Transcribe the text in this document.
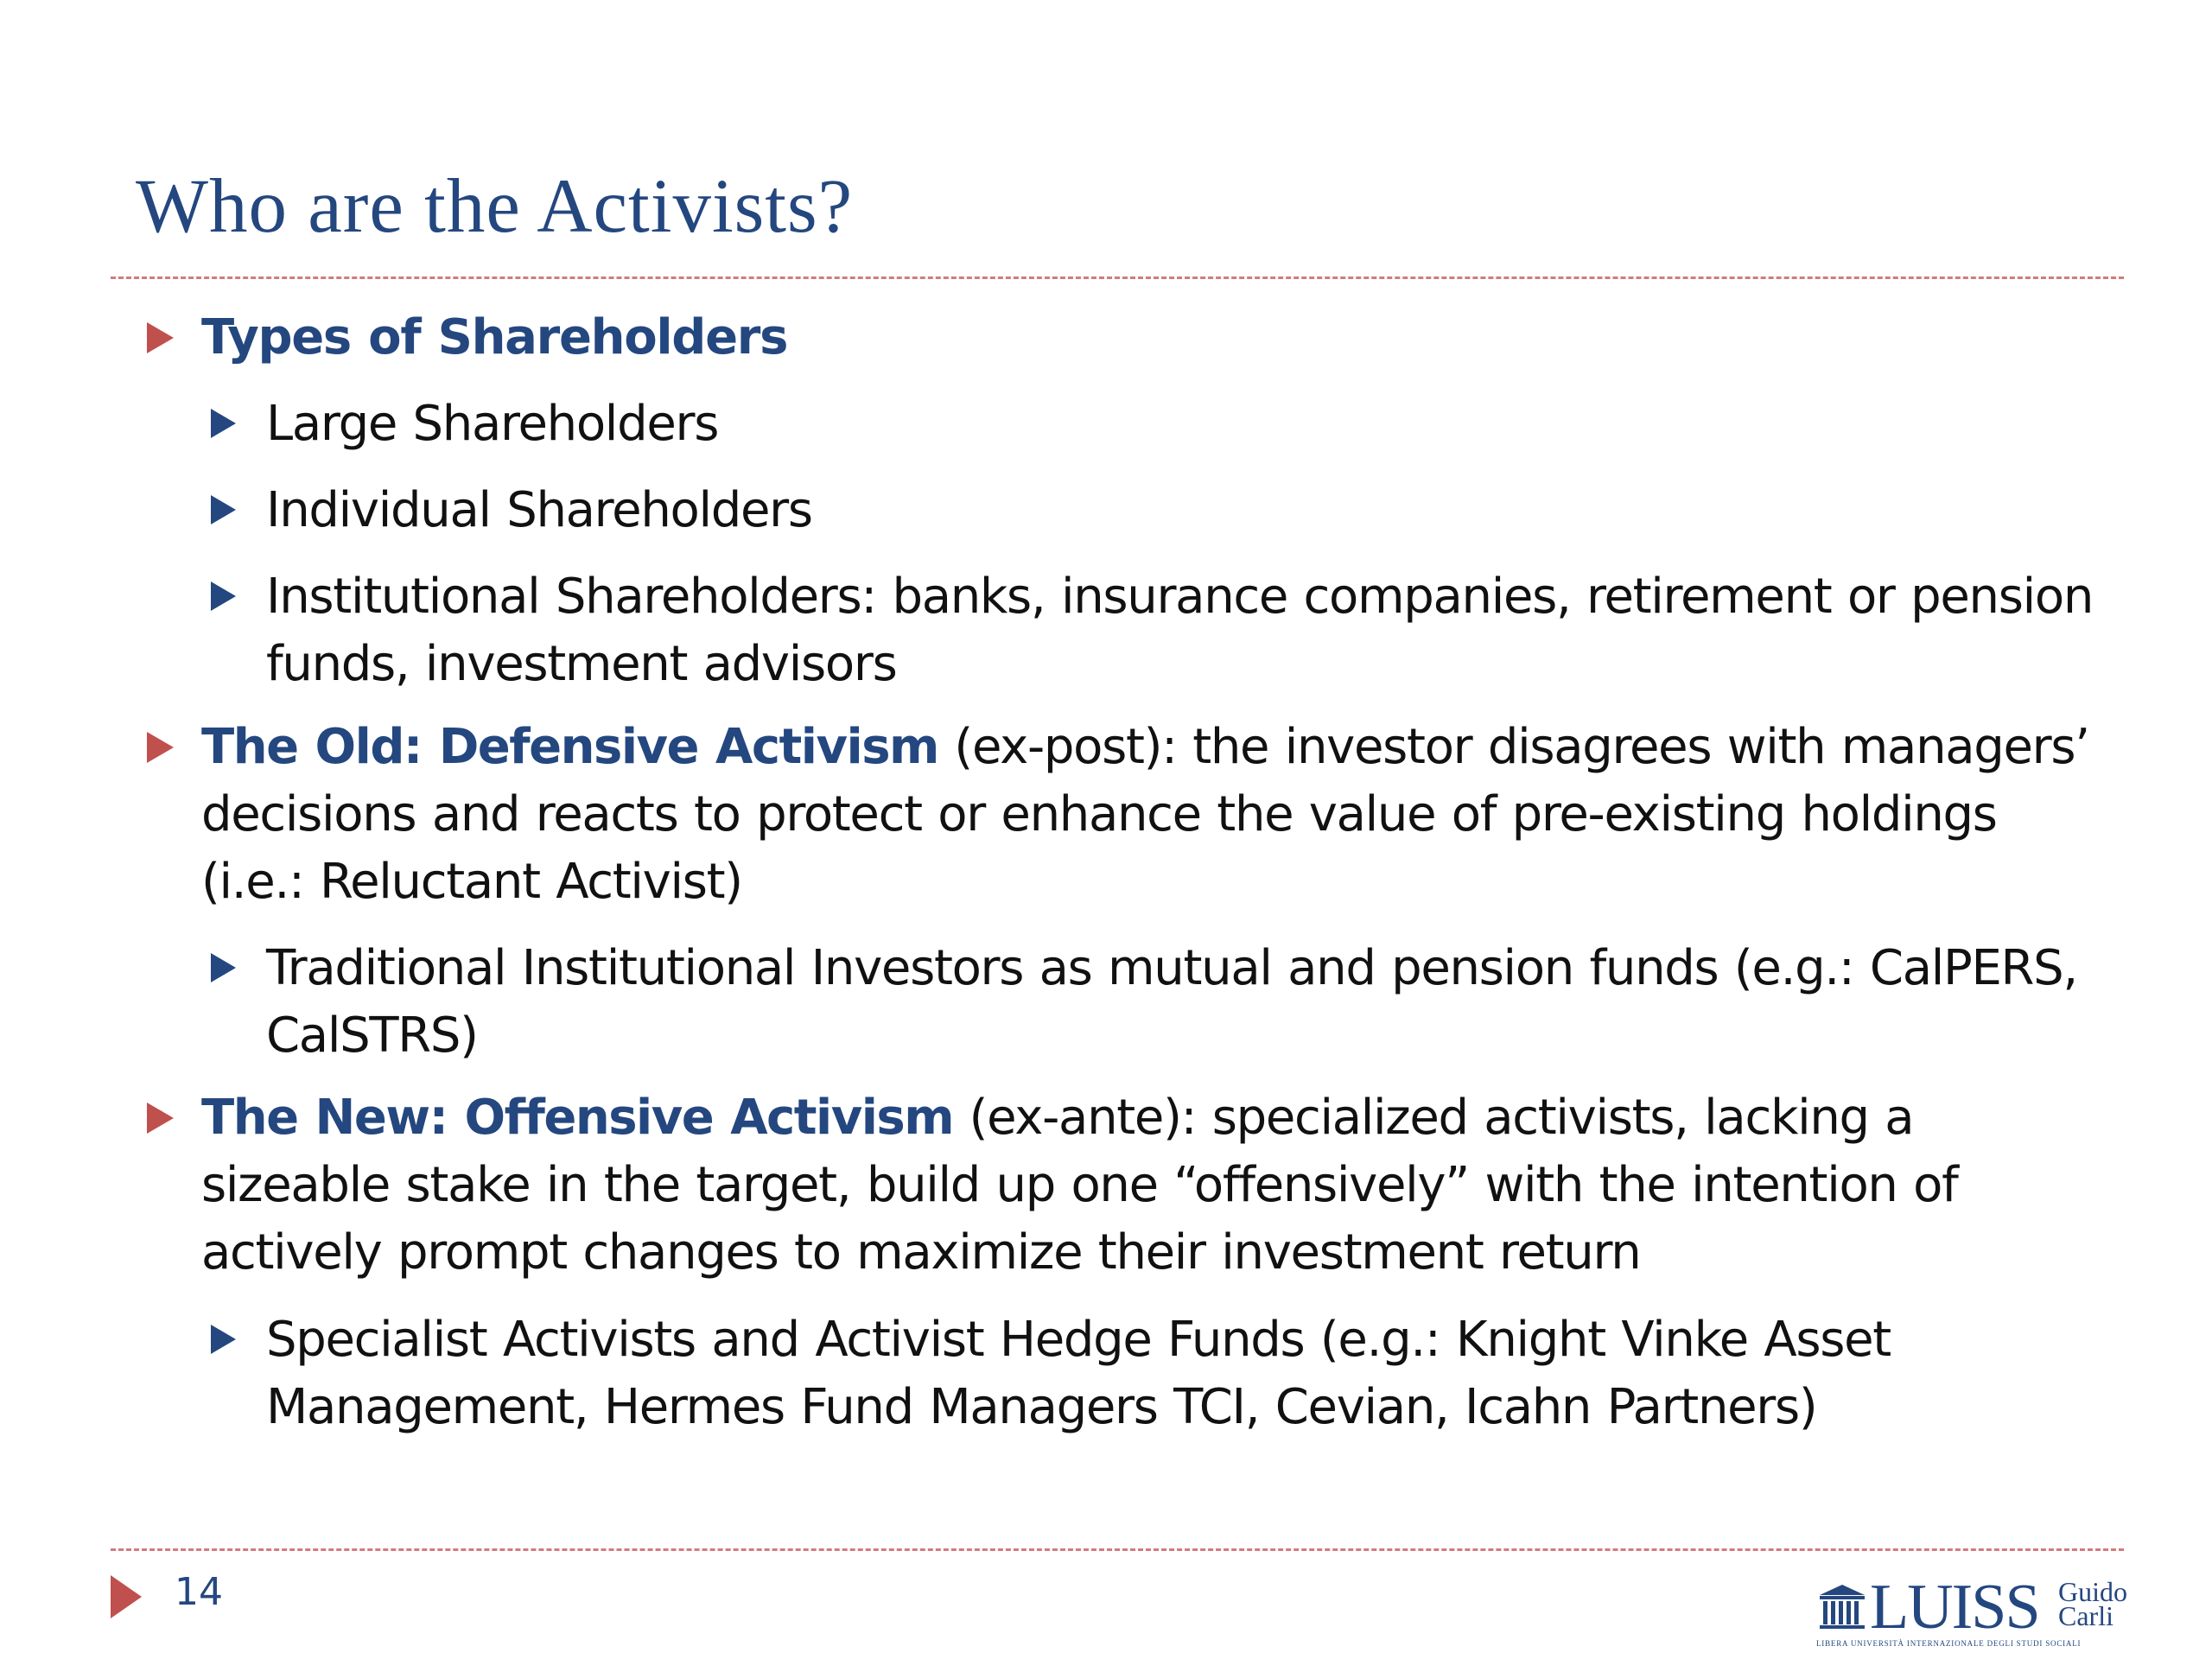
Who are the Activists?
Types of Shareholders
Large Shareholders
Individual Shareholders
Institutional Shareholders: banks, insurance companies, retirement or pension funds, investment advisors
The Old: Defensive Activism (ex-post): the investor disagrees with managers’ decisions and reacts to protect or enhance the value of pre-existing holdings (i.e.: Reluctant Activist)
Traditional Institutional Investors as mutual and pension funds (e.g.: CalPERS, CalSTRS)
The New: Offensive Activism (ex-ante): specialized activists, lacking a sizeable stake in the target, build up one “offensively” with the intention of actively prompt changes to maximize their investment return
Specialist Activists and Activist Hedge Funds (e.g.: Knight Vinke Asset Management, Hermes Fund Managers TCI, Cevian, Icahn Partners)
14	LUISS Guido
Carli
LIBERA UNIVERSITÀ INTERNAZIONALE DEGLI STUDI SOCIALI
